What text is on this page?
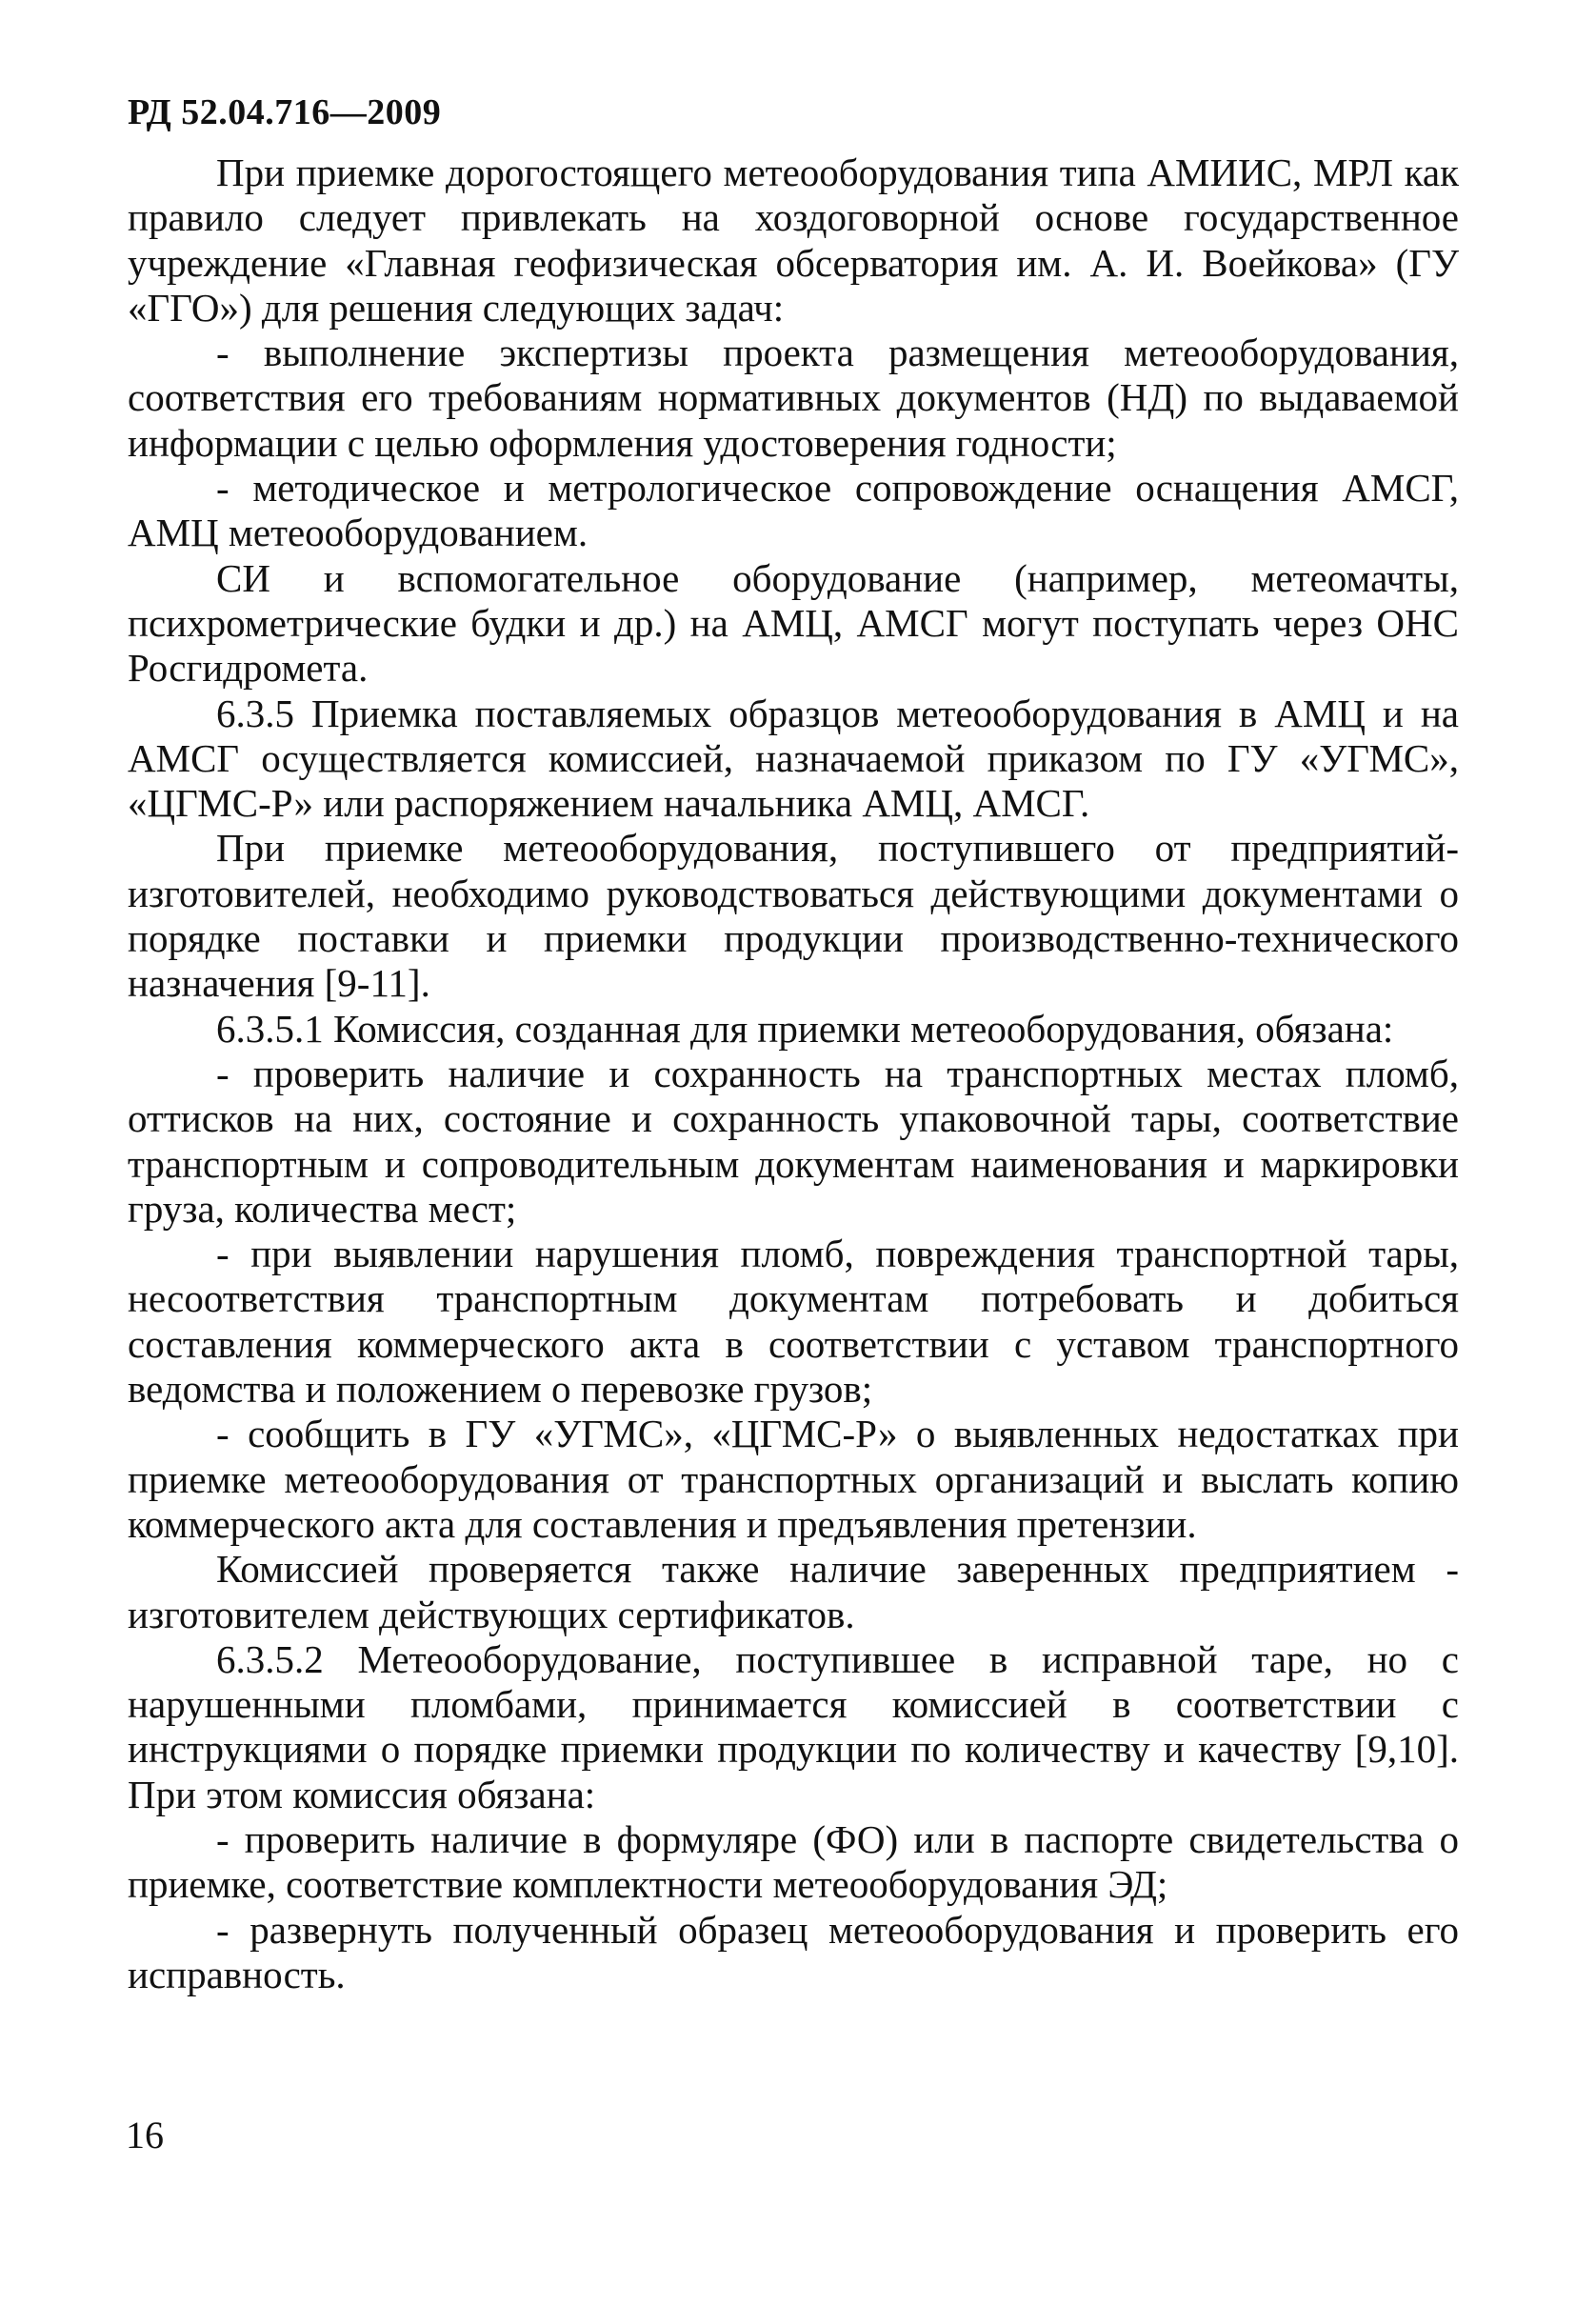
РД 52.04.716—2009

При приемке дорогостоящего метеооборудования типа АМИИС, МРЛ как правило следует привлекать на хоздоговорной основе государственное учреждение «Главная геофизическая обсерватория им. А. И. Воейкова» (ГУ «ГГО») для решения следующих задач:

- выполнение экспертизы проекта размещения метеооборудования, соответствия его требованиям нормативных документов (НД) по выдаваемой информации с целью оформления удостоверения годности;

- методическое и метрологическое сопровождение оснащения АМСГ, АМЦ метеооборудованием.

СИ и вспомогательное оборудование (например, метеомачты, психрометрические будки и др.) на АМЦ, АМСГ могут поступать через ОНС Росгидромета.

6.3.5 Приемка поставляемых образцов метеооборудования в АМЦ и на АМСГ осуществляется комиссией, назначаемой приказом по ГУ «УГМС», «ЦГМС-Р» или распоряжением начальника АМЦ, АМСГ.

При приемке метеооборудования, поступившего от предприятий-изготовителей, необходимо руководствоваться действующими документами о порядке поставки и приемки продукции производственно-технического назначения [9-11].

6.3.5.1 Комиссия, созданная для приемки метеооборудования, обязана:

- проверить наличие и сохранность на транспортных местах пломб, оттисков на них, состояние и сохранность упаковочной тары, соответствие транспортным и сопроводительным документам наименования и маркировки груза, количества мест;

- при выявлении нарушения пломб, повреждения транспортной тары, несоответствия транспортным документам потребовать и добиться составления коммерческого акта в соответствии с уставом транспортного ведомства и положением о перевозке грузов;

- сообщить в ГУ «УГМС», «ЦГМС-Р» о выявленных недостатках при приемке метеооборудования от транспортных организаций и выслать копию коммерческого акта для составления и предъявления претензии.

Комиссией проверяется также наличие заверенных предприятием - изготовителем действующих сертификатов.

6.3.5.2 Метеооборудование, поступившее в исправной таре, но с нарушенными пломбами, принимается комиссией в соответствии с инструкциями о порядке приемки продукции по количеству и качеству [9,10]. При этом комиссия обязана:

- проверить наличие в формуляре (ФО) или в паспорте свидетельства о приемке, соответствие комплектности метеооборудования ЭД;

- развернуть полученный образец метеооборудования и проверить его исправность.

16
